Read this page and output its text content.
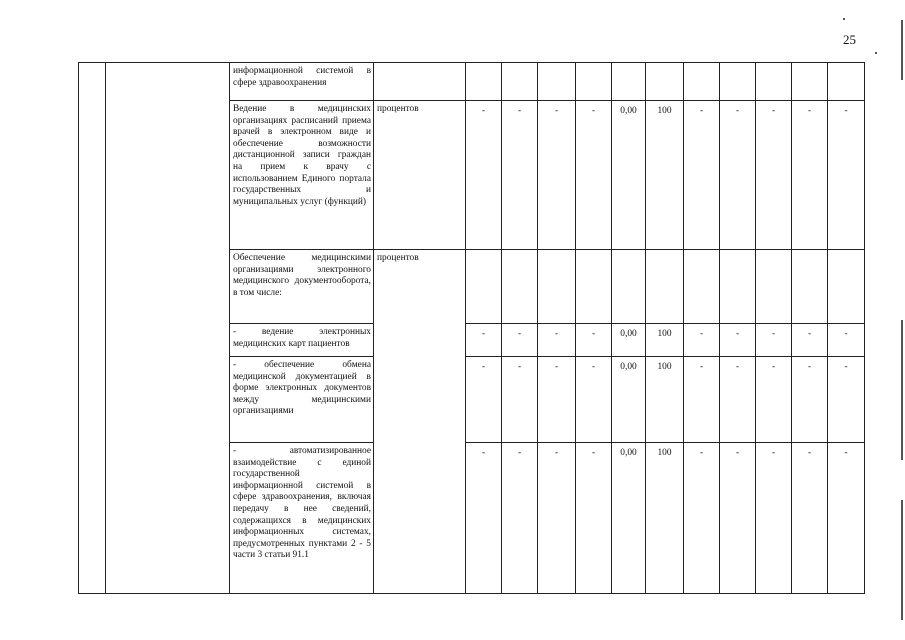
25

		информационной системой в сфере здравоохранения												

		Ведение в медицинских организациях расписаний приема врачей в электронном виде и обеспечение возможности дистанционной записи граждан на прием к врачу с использованием Единого портала государственных и муниципальных услуг (функций)	процентов	-	-	-	-	0,00	100	-	-	-	-	-

		Обеспечение медицинскими организациями электронного медицинского документооборота, в том числе:	процентов											

		- ведение электронных медицинских карт пациентов		-	-	-	-	0,00	100	-	-	-	-	-

		- обеспечение обмена медицинской документацией в форме электронных документов между медицинскими организациями		-	-	-	-	0,00	100	-	-	-	-	-

		- автоматизированное взаимодействие с единой государственной информационной системой в сфере здравоохранения, включая передачу в нее сведений, содержащихся в медицинских информационных системах, предусмотренных пунктами 2 - 5 части 3 статьи 91.1		-	-	-	-	0,00	100	-	-	-	-	-
